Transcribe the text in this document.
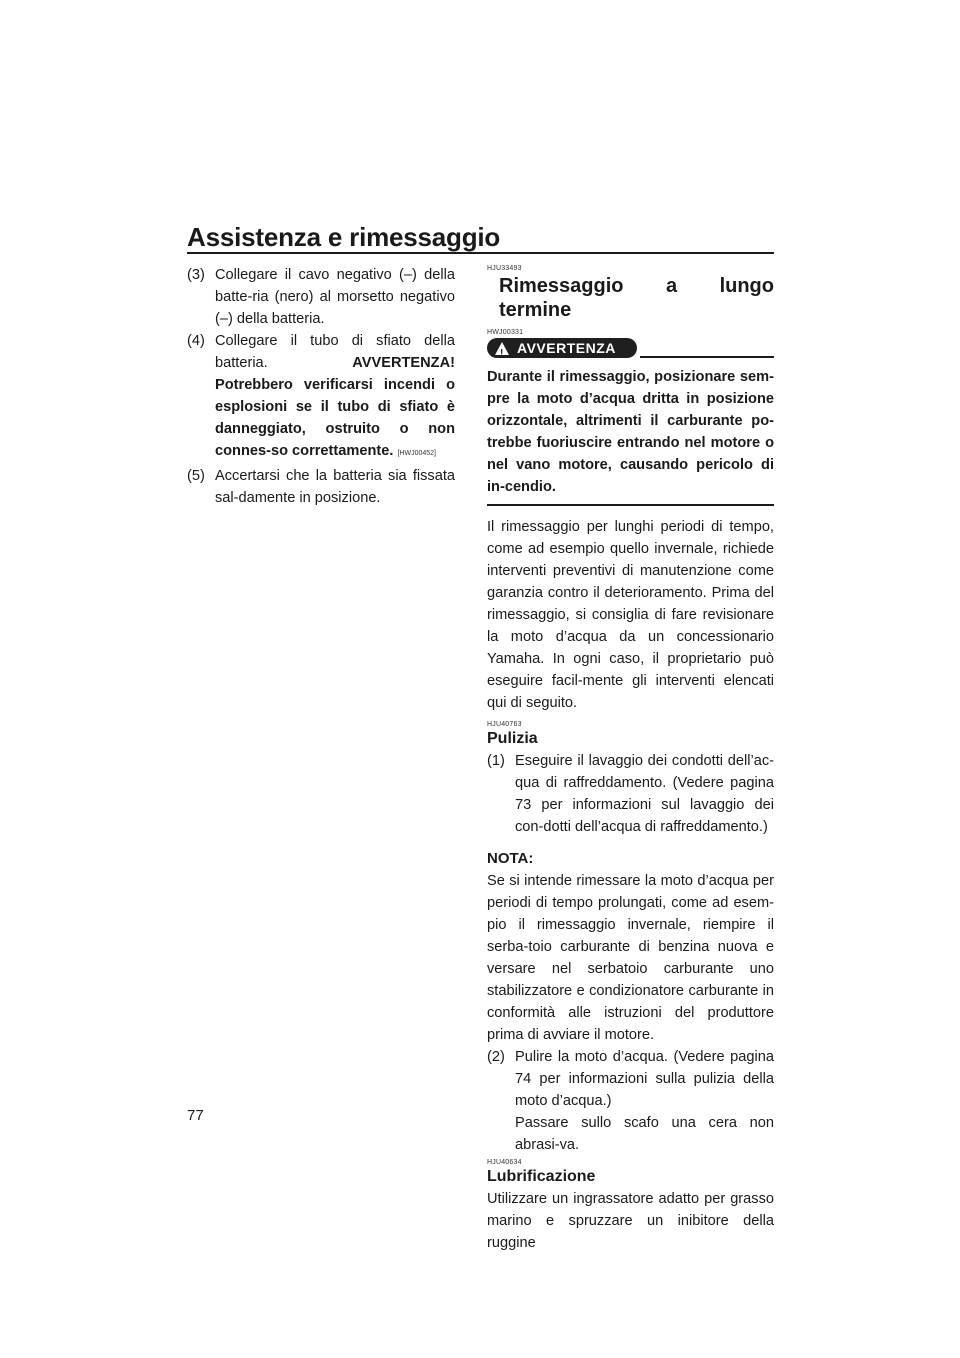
Assistenza e rimessaggio
(3) Collegare il cavo negativo (–) della batte-ria (nero) al morsetto negativo (–) della batteria.

(4) Collegare il tubo di sfiato della batteria.	AVVERTENZA! Potrebbero verificarsi incendi o esplosioni se il tubo di sfiato è danneggiato, ostruito o non connes-so correttamente. [HWJ00452]

(5) Accertarsi che la batteria sia fissata sal-damente in posizione.

HJU33493
Rimessaggio a lungo termine
HWJ00331
!
AVVERTENZA

Durante il rimessaggio, posizionare sem-pre la moto d’acqua dritta in posizione orizzontale, altrimenti il carburante po-trebbe fuoriuscire entrando nel motore o nel vano motore, causando pericolo di in-cendio.

Il rimessaggio per lunghi periodi di tempo, come ad esempio quello invernale, richiede interventi preventivi di manutenzione come garanzia contro il deterioramento. Prima del rimessaggio, si consiglia di fare revisionare la moto d’acqua da un concessionario Yamaha. In ogni caso, il proprietario può eseguire facil-mente gli interventi elencati qui di seguito.

HJU40763
Pulizia
(1) Eseguire il lavaggio dei condotti dell’ac-qua di raffreddamento. (Vedere pagina 73 per informazioni sul lavaggio dei con-dotti dell’acqua di raffreddamento.)

NOTA:

Se si intende rimessare la moto d’acqua per periodi di tempo prolungati, come ad esem-pio il rimessaggio invernale, riempire il serba-toio carburante di benzina nuova e versare nel serbatoio carburante uno stabilizzatore e condizionatore carburante in conformità alle istruzioni del produttore prima di avviare il motore.

(2) Pulire la moto d’acqua. (Vedere pagina 74 per informazioni sulla pulizia della moto d’acqua.)

Passare sullo scafo una cera non abrasi-va.

HJU40634
Lubrificazione

Utilizzare un ingrassatore adatto per grasso marino e spruzzare un inibitore della ruggine

77
